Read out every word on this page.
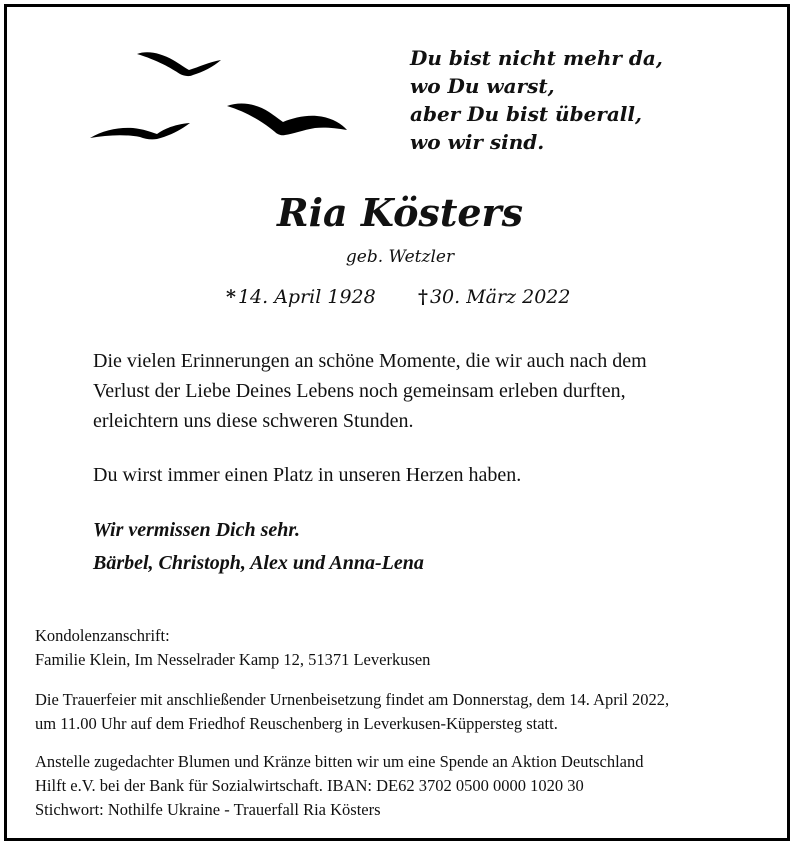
Du bist nicht mehr da,
wo Du warst,
aber Du bist überall,
wo wir sind.
Ria Kösters
geb. Wetzler
* 14. April 1928 † 30. März 2022
Die vielen Erinnerungen an schöne Momente, die wir auch nach dem
Verlust der Liebe Deines Lebens noch gemeinsam erleben durften,
erleichtern uns diese schweren Stunden.
Du wirst immer einen Platz in unseren Herzen haben.
Wir vermissen Dich sehr.
Bärbel, Christoph, Alex und Anna-Lena
Kondolenzanschrift:
Familie Klein, Im Nesselrader Kamp 12, 51371 Leverkusen
Die Trauerfeier mit anschließender Urnenbeisetzung findet am Donnerstag, dem 14. April 2022,
um 11.00 Uhr auf dem Friedhof Reuschenberg in Leverkusen-Küppersteg statt.
Anstelle zugedachter Blumen und Kränze bitten wir um eine Spende an Aktion Deutschland
Hilft e.V. bei der Bank für Sozialwirtschaft. IBAN: DE62 3702 0500 0000 1020 30
Stichwort: Nothilfe Ukraine - Trauerfall Ria Kösters
